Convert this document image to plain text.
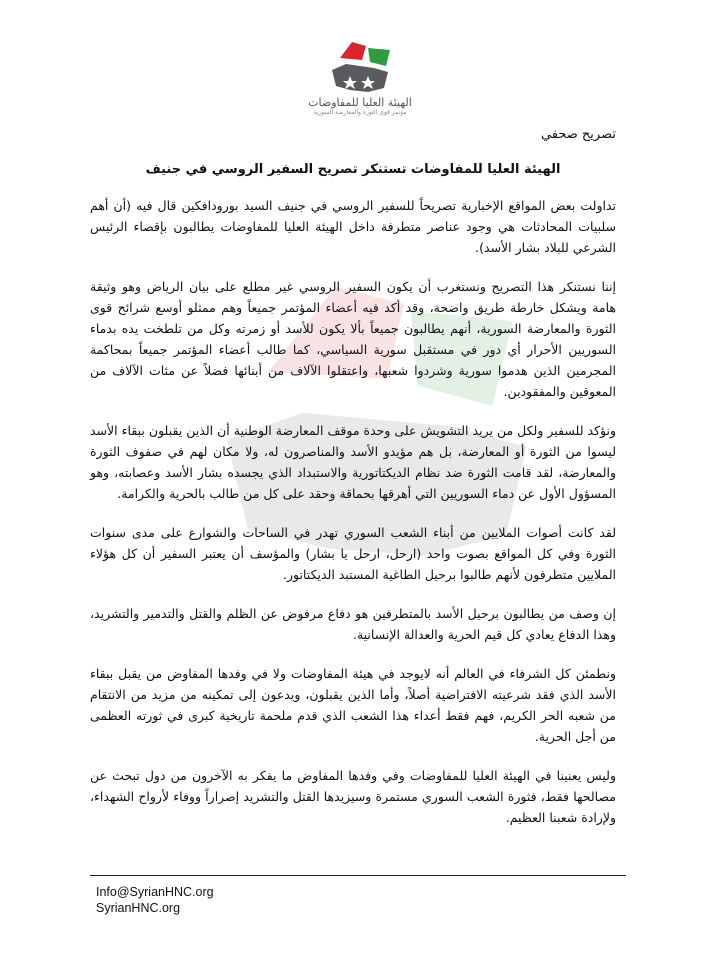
الهيئة العليا للمفاوضات
مؤتمر قوى الثورة والمعارضة السورية
تصريح صحفي
الهيئة العليا للمفاوضات تستنكر تصريح السفير الروسي في جنيف

تداولت بعض المواقع الإخبارية تصريحاً للسفير الروسي في جنيف السيد بورودافكين قال فيه (أن أهم سلبيات المحادثات هي وجود عناصر متطرفة داخل الهيئة العليا للمفاوضات يطالبون بإقصاء الرئيس الشرعي للبلاد بشار الأسد).

إننا نستنكر هذا التصريح ونستغرب أن يكون السفير الروسي غير مطلع على بيان الرياض وهو وثيقة هامة ويشكل خارطة طريق واضحة، وقد أكد فيه أعضاء المؤتمر جميعاً وهم ممثلو أوسع شرائح قوى الثورة والمعارضة السورية، أنهم يطالبون جميعاً بألا يكون للأسد أو زمرته وكل من تلطخت يده بدماء السوريين الأحرار أي دور في مستقبل سورية السياسي، كما طالب أعضاء المؤتمر جميعاً بمحاكمة المجرمين الذين هدموا سورية وشردوا شعبها، واعتقلوا الآلاف من أبنائها فضلاً عن مئات الآلاف من المعوقين والمفقودين.

ونؤكد للسفير ولكل من يريد التشويش على وحدة موقف المعارضة الوطنية أن الذين يقبلون ببقاء الأسد ليسوا من الثورة أو المعارضة، بل هم مؤيدو الأسد والمناصرون له، ولا مكان لهم في صفوف الثورة والمعارضة، لقد قامت الثورة ضد نظام الديكتاتورية والاستبداد الذي يجسده بشار الأسد وعصابته، وهو المسؤول الأول عن دماء السوريين التي أهرقها بحماقة وحقد على كل من طالب بالحرية والكرامة.

لقد كانت أصوات الملايين من أبناء الشعب السوري تهدر في الساحات والشوارع على مدى سنوات الثورة وفي كل المواقع بصوت واحد (ارحل، ارحل يا بشار) والمؤسف أن يعتبر السفير أن كل هؤلاء الملايين متطرفون لأنهم طالبوا برحيل الطاغية المستبد الديكتاتور.

إن وصف من يطالبون برحيل الأسد بالمتطرفين هو دفاع مرفوض عن الظلم والقتل والتدمير والتشريد، وهذا الدفاع يعادي كل قيم الحرية والعدالة الإنسانية.

ونطمئن كل الشرفاء في العالم أنه لايوجد في هيئة المفاوضات ولا في وفدها المفاوض من يقبل ببقاء الأسد الذي فقد شرعيته الافتراضية أصلاً، وأما الذين يقبلون، ويدعون إلى تمكينه من مزيد من الانتقام من شعبه الحر الكريم، فهم فقط أعداء هذا الشعب الذي قدم ملحمة تاريخية كبرى في ثورته العظمى من أجل الحرية.

وليس يعنينا في الهيئة العليا للمفاوضات وفي وفدها المفاوض ما يفكر به الآخرون من دول تبحث عن مصالحها فقط، فثورة الشعب السوري مستمرة وسيزيدها القتل والتشريد إصراراً ووفاء لأرواح الشهداء، ولإرادة شعبنا العظيم.

Info@SyrianHNC.org
SyrianHNC.org
